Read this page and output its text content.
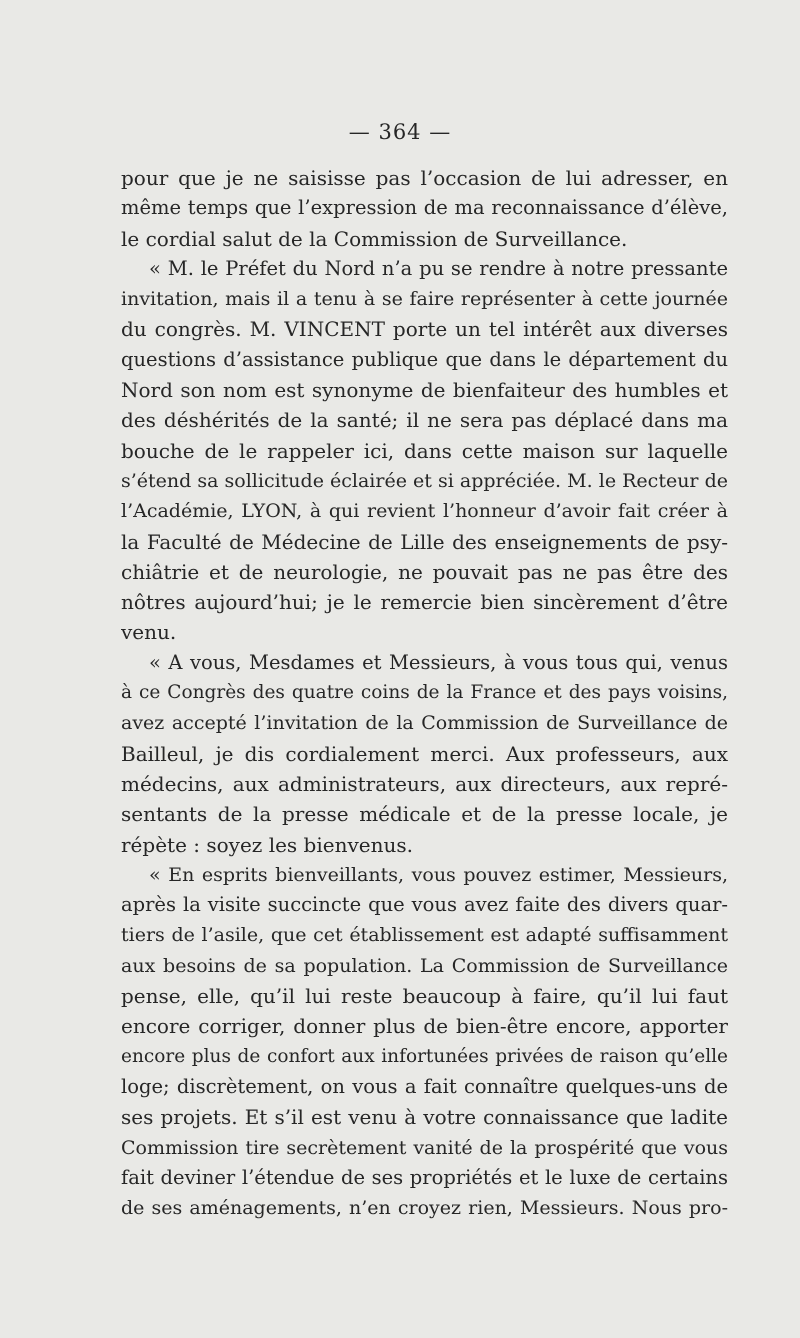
— 364 —
pour que je ne saisisse pas l’occasion de lui adresser, en
même temps que l’expression de ma reconnaissance d’élève,
le cordial salut de la Commission de Surveillance.
« M. le Préfet du Nord n’a pu se rendre à notre pressante
invitation, mais il a tenu à se faire représenter à cette journée
du congrès. M. VINCENT porte un tel intérêt aux diverses
questions d’assistance publique que dans le département du
Nord son nom est synonyme de bienfaiteur des humbles et
des déshérités de la santé; il ne sera pas déplacé dans ma
bouche de le rappeler ici, dans cette maison sur laquelle
s’étend sa sollicitude éclairée et si appréciée. M. le Recteur de
l’Académie, LYON, à qui revient l’honneur d’avoir fait créer à
la Faculté de Médecine de Lille des enseignements de psy-
chiâtrie et de neurologie, ne pouvait pas ne pas être des
nôtres aujourd’hui; je le remercie bien sincèrement d’être
venu.
« A vous, Mesdames et Messieurs, à vous tous qui, venus
à ce Congrès des quatre coins de la France et des pays voisins,
avez accepté l’invitation de la Commission de Surveillance de
Bailleul, je dis cordialement merci. Aux professeurs, aux
médecins, aux administrateurs, aux directeurs, aux repré-
sentants de la presse médicale et de la presse locale, je
répète : soyez les bienvenus.
« En esprits bienveillants, vous pouvez estimer, Messieurs,
après la visite succincte que vous avez faite des divers quar-
tiers de l’asile, que cet établissement est adapté suffisamment
aux besoins de sa population. La Commission de Surveillance
pense, elle, qu’il lui reste beaucoup à faire, qu’il lui faut
encore corriger, donner plus de bien-être encore, apporter
encore plus de confort aux infortunées privées de raison qu’elle
loge; discrètement, on vous a fait connaître quelques-uns de
ses projets. Et s’il est venu à votre connaissance que ladite
Commission tire secrètement vanité de la prospérité que vous
fait deviner l’étendue de ses propriétés et le luxe de certains
de ses aménagements, n’en croyez rien, Messieurs. Nous pro-
